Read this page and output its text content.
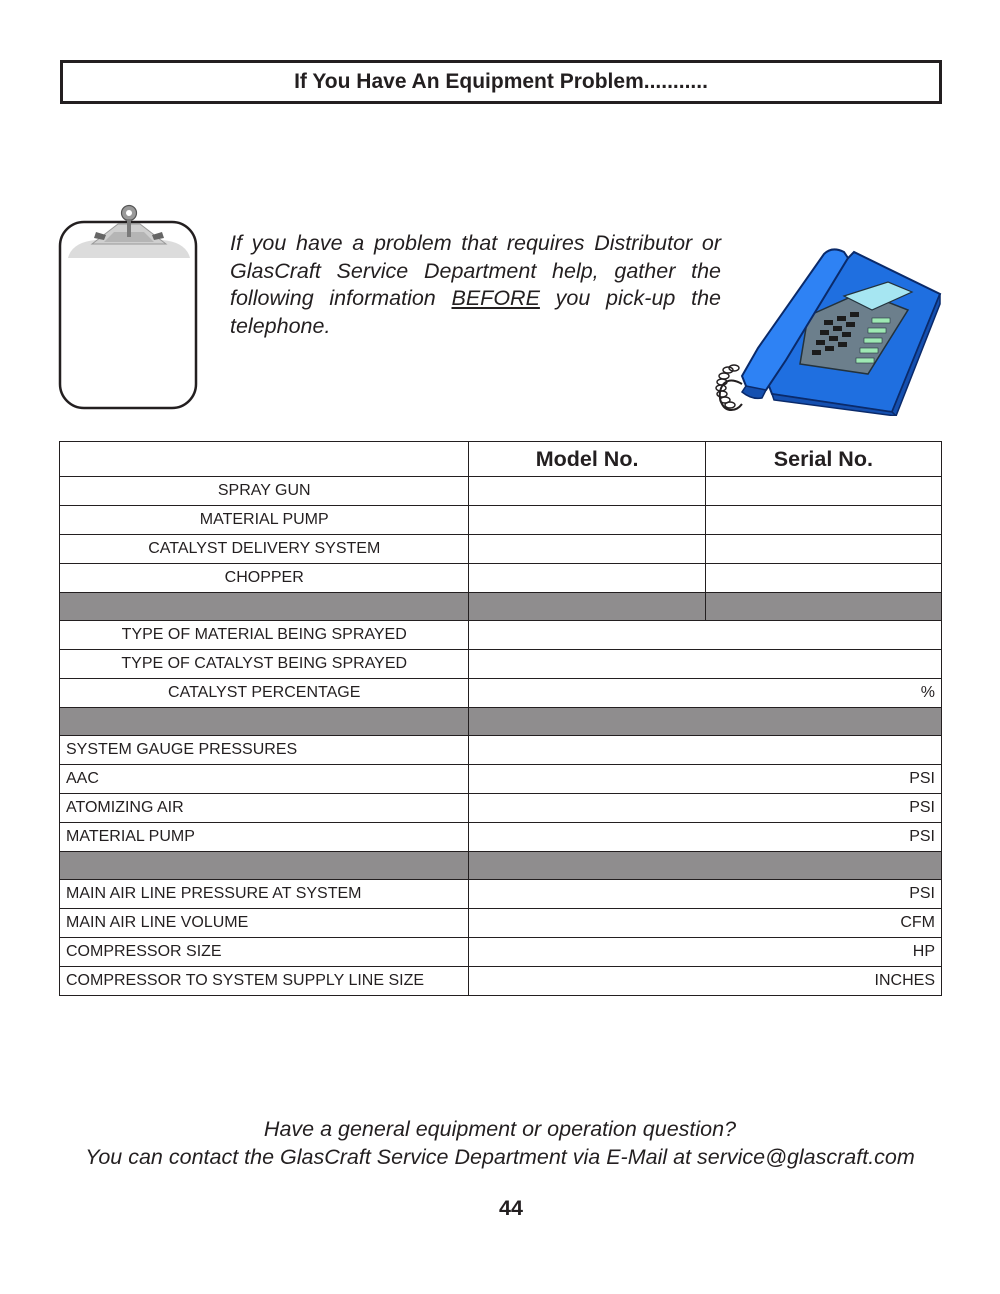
If You Have An Equipment Problem...........
If you have a problem that requires Distributor or GlasCraft Service Department help, gather the following information BEFORE you pick-up the telephone.
	Model No.	Serial No.
SPRAY GUN		
MATERIAL PUMP		
CATALYST DELIVERY SYSTEM		
CHOPPER		

TYPE OF MATERIAL BEING SPRAYED		
TYPE OF CATALYST BEING SPRAYED		
CATALYST PERCENTAGE	%	

SYSTEM GAUGE PRESSURES		
AAC	PSI	
ATOMIZING AIR	PSI	
MATERIAL PUMP	PSI	

MAIN AIR LINE PRESSURE AT SYSTEM	PSI	
MAIN AIR LINE VOLUME	CFM	
COMPRESSOR SIZE	HP	
COMPRESSOR TO SYSTEM SUPPLY LINE SIZE	INCHES	
Have a general equipment or operation question?
You can contact the GlasCraft Service Department via E-Mail at service@glascraft.com
44
